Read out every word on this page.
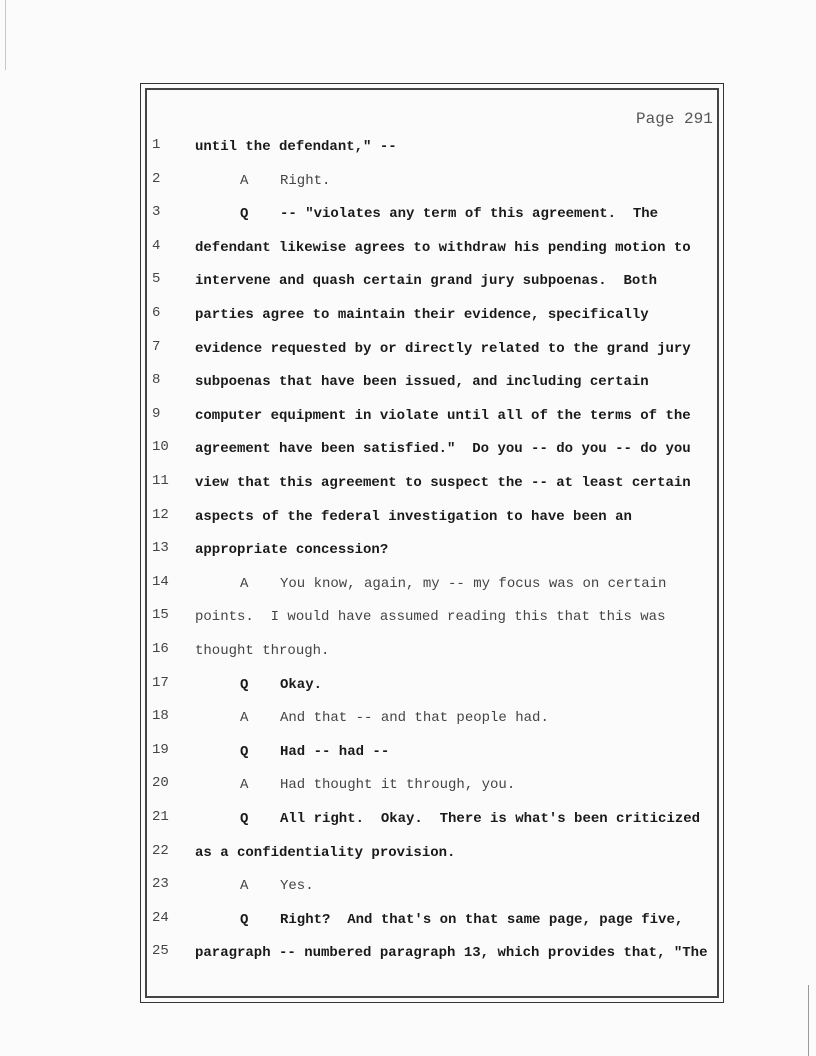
Page 291
1	until the defendant," --
2	A Right.
3	Q -- "violates any term of this agreement.  The
4	defendant likewise agrees to withdraw his pending motion to
5	intervene and quash certain grand jury subpoenas.  Both
6	parties agree to maintain their evidence, specifically
7	evidence requested by or directly related to the grand jury
8	subpoenas that have been issued, and including certain
9	computer equipment in violate until all of the terms of the
10	agreement have been satisfied."  Do you -- do you -- do you
11	view that this agreement to suspect the -- at least certain
12	aspects of the federal investigation to have been an
13	appropriate concession?
14	A You know, again, my -- my focus was on certain
15	points.  I would have assumed reading this that this was
16	thought through.
17	Q Okay.
18	A And that -- and that people had.
19	Q Had -- had --
20	A Had thought it through, you.
21	Q All right.  Okay.  There is what's been criticized
22	as a confidentiality provision.
23	A Yes.
24	Q Right?  And that's on that same page, page five,
25	paragraph -- numbered paragraph 13, which provides that, "The
